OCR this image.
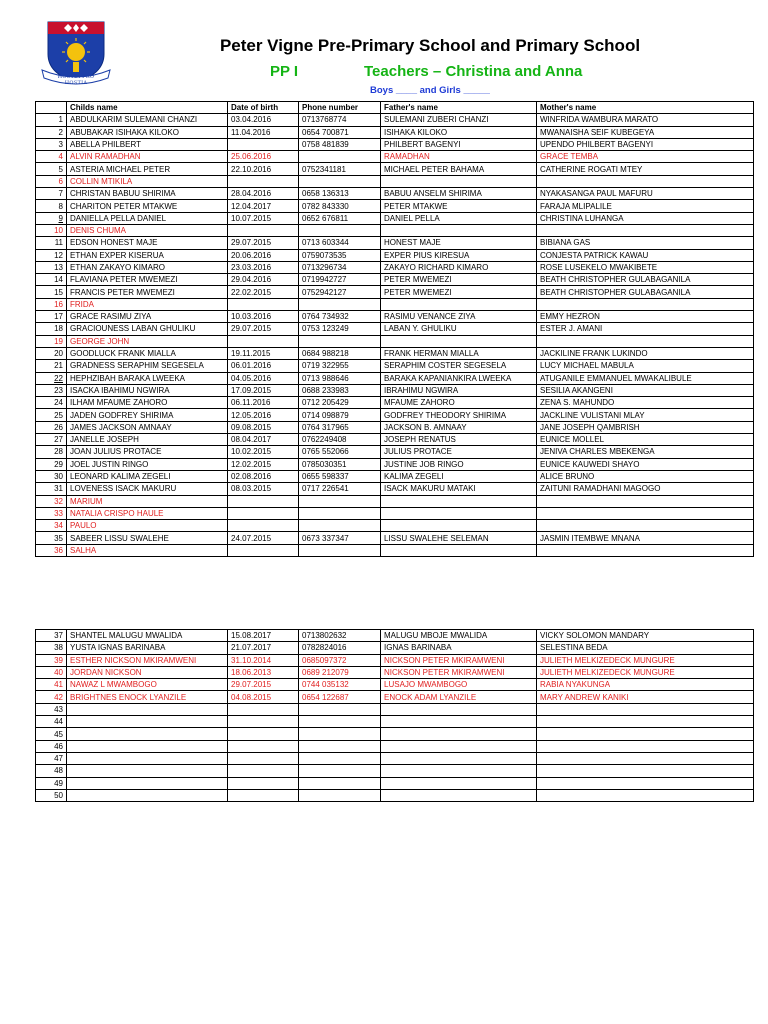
HOSTIA PRO HOSTIA
Peter Vigne Pre-Primary School and Primary School
PP I	Teachers – Christina and Anna
Boys ____ and Girls _____
	Childs name	Date of birth	Phone number	Father's name	Mother's name
1	ABDULKARIM SULEMANI CHANZI	03.04.2016	0713768774	SULEMANI ZUBERI CHANZI	WINFRIDA WAMBURA MARATO
2	ABUBAKAR ISIHAKA KILOKO	11.04.2016	0654 700871	ISIHAKA KILOKO	MWANAISHA SEIF KUBEGEYA
3	ABELLA PHILBERT		0758 481839	PHILBERT BAGENYI	UPENDO PHILBERT BAGENYI
4	ALVIN RAMADHAN	25.06.2016		RAMADHAN	GRACE TEMBA
5	ASTERIA MICHAEL PETER	22.10.2016	0752341181	MICHAEL PETER BAHAMA	CATHERINE ROGATI MTEY
6	COLLIN MTIKILA				
7	CHRISTAN BABUU SHIRIMA	28.04.2016	0658 136313	BABUU ANSELM SHIRIMA	NYAKASANGA PAUL MAFURU
8	CHARITON PETER MTAKWE	12.04.2017	0782 843330	PETER MTAKWE	FARAJA MLIPALILE
9	DANIELLA PELLA DANIEL	10.07.2015	0652 676811	DANIEL PELLA	CHRISTINA LUHANGA
10	DENIS CHUMA				
11	EDSON HONEST MAJE	29.07.2015	0713 603344	HONEST MAJE	BIBIANA GAS
12	ETHAN EXPER KISERUA	20.06.2016	0759073535	EXPER PIUS KIRESUA	CONJESTA PATRICK KAWAU
13	ETHAN ZAKAYO KIMARO	23.03.2016	0713296734	ZAKAYO RICHARD KIMARO	ROSE LUSEKELO MWAKIBETE
14	FLAVIANA PETER MWEMEZI	29.04.2016	0719942727	PETER MWEMEZI	BEATH CHRISTOPHER GULABAGANILA
15	FRANCIS PETER MWEMEZI	22.02.2015	0752942127	PETER MWEMEZI	BEATH CHRISTOPHER GULABAGANILA
16	FRIDA				
17	GRACE RASIMU ZIYA	10.03.2016	0764 734932	RASIMU VENANCE ZIYA	EMMY HEZRON
18	GRACIOUNESS LABAN GHULIKU	29.07.2015	0753 123249	LABAN Y. GHULIKU	ESTER J. AMANI
19	GEORGE JOHN				
20	GOODLUCK FRANK MIALLA	19.11.2015	0684 988218	FRANK HERMAN MIALLA	JACKILINE FRANK LUKINDO
21	GRADNESS SERAPHIM SEGESELA	06.01.2016	0719 322955	SERAPHIM COSTER SEGESELA	LUCY MICHAEL MABULA
22	HEPHZIBAH BARAKA LWEEKA	04.05.2016	0713 988646	BARAKA KAPANIANKIRA LWEEKA	ATUGANILE EMMANUEL MWAKALIBULE
23	ISACKA IBAHIMU NGWIRA	17.09.2015	0688 233983	IBRAHIMU NGWIRA	SESILIA AKANGENI
24	ILHAM MFAUME ZAHORO	06.11.2016	0712 205429	MFAUME ZAHORO	ZENA S. MAHUNDO
25	JADEN GODFREY SHIRIMA	12.05.2016	0714 098879	GODFREY THEODORY SHIRIMA	JACKLINE VULISTANI MLAY
26	JAMES JACKSON AMNAAY	09.08.2015	0764 317965	JACKSON B. AMNAAY	JANE JOSEPH QAMBRISH
27	JANELLE JOSEPH	08.04.2017	0762249408	JOSEPH RENATUS	EUNICE MOLLEL
28	JOAN JULIUS PROTACE	10.02.2015	0765 552066	JULIUS PROTACE	JENIVA CHARLES MBEKENGA
29	JOEL JUSTIN RINGO	12.02.2015	0785030351	JUSTINE JOB RINGO	EUNICE KAUWEDI SHAYO
30	LEONARD KALIMA ZEGELI	02.08.2016	0655 598337	KALIMA ZEGELI	ALICE BRUNO
31	LOVENESS ISACK MAKURU	08.03.2015	0717 226541	ISACK MAKURU MATAKI	ZAITUNI RAMADHANI MAGOGO
32	MARIUM				
33	NATALIA CRISPO HAULE				
34	PAULO				
35	SABEER LISSU SWALEHE	24.07.2015	0673 337347	LISSU SWALEHE SELEMAN	JASMIN ITEMBWE MNANA
36	SALHA				
37	SHANTEL MALUGU MWALIDA	15.08.2017	0713802632	MALUGU MBOJE MWALIDA	VICKY SOLOMON MANDARY
38	YUSTA IGNAS BARINABA	21.07.2017	0782824016	IGNAS BARINABA	SELESTINA BEDA
39	ESTHER NICKSON MKIRAMWENI	31.10.2014	0685097372	NICKSON PETER MKIRAMWENI	JULIETH MELKIZEDECK MUNGURE
40	JORDAN NICKSON	18.06.2013	0689 212079	NICKSON PETER MKIRAMWENI	JULIETH MELKIZEDECK MUNGURE
41	NAWAZ L MWAMBOGO	29.07.2015	0744 035132	LUSAJO MWAMBOGO	RABIA NYAKUNGA
42	BRIGHTNES ENOCK LYANZILE	04.08.2015	0654 122687	ENOCK ADAM LYANZILE	MARY ANDREW KANIKI
43					
44					
45					
46					
47					
48					
49					
50					
